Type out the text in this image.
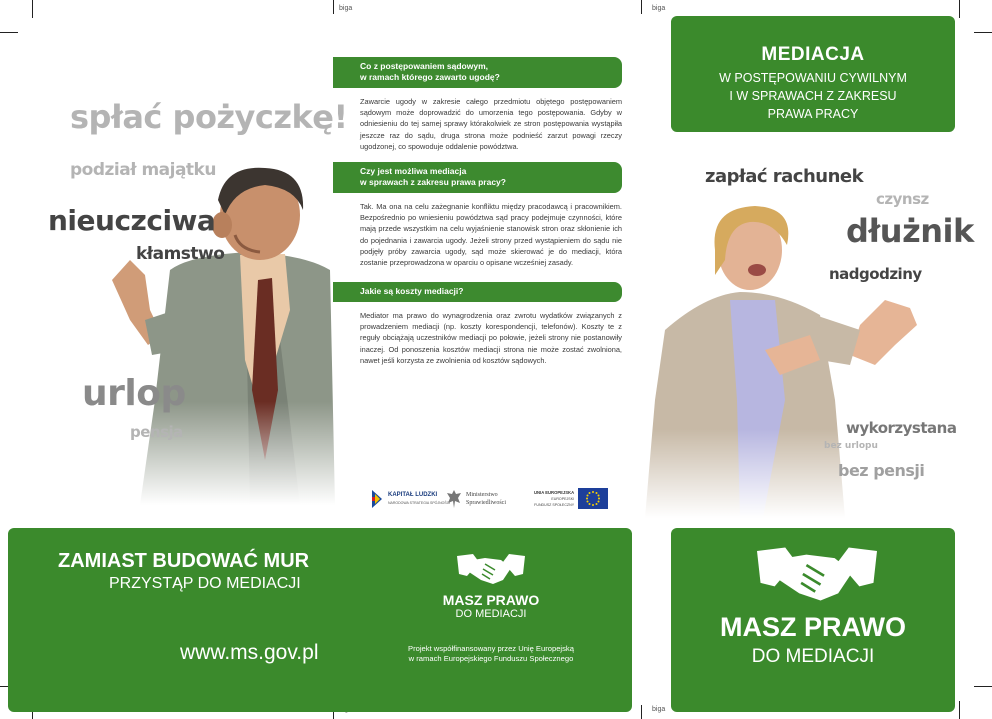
biga	biga
biga
spłać pożyczkę!
podział majątku
nieuczciwa
kłamstwo
urlop
pensja
Co z postępowaniem sądowym,
w ramach którego zawarto ugodę?

Zawarcie ugody w zakresie całego przedmiotu objętego postępowaniem sądowym może doprowadzić do umorzenia tego postępowania. Gdyby w odniesieniu do tej samej sprawy którakolwiek ze stron postępowania wystąpiła jeszcze raz do sądu, druga strona może podnieść zarzut powagi rzeczy ugodzonej, co spowoduje oddalenie powództwa.

Czy jest możliwa mediacja
w sprawach z zakresu prawa pracy?

Tak. Ma ona na celu zażegnanie konfliktu między pracodawcą i pracownikiem. Bezpośrednio po wniesieniu powództwa sąd pracy podejmuje czynności, które mają przede wszystkim na celu wyjaśnienie stanowisk stron oraz skłonienie ich do pojednania i zawarcia ugody. Jeżeli strony przed wystąpieniem do sądu nie podjęły próby zawarcia ugody, sąd może skierować je do mediacji, która zostanie przeprowadzona w oparciu o opisane wcześniej zasady.

Jakie są koszty mediacji?

Mediator ma prawo do wynagrodzenia oraz zwrotu wydatków związanych z prowadzeniem mediacji (np. koszty korespondencji, telefonów). Koszty te z reguły obciążają uczestników mediacji po połowie, jeżeli strony nie postanowiły inaczej. Od ponoszenia kosztów mediacji strona nie może zostać zwolniona, nawet jeśli korzysta ze zwolnienia od kosztów sądowych.

KAPITAŁ LUDZKI
NARODOWA STRATEGIA SPÓJNOŚCI
Ministerstwo
Sprawiedliwości
UNIA EUROPEJSKA
EUROPEJSKI
FUNDUSZ SPOŁECZNY
MEDIACJA
W POSTĘPOWANIU CYWILNYM
I W SPRAWACH Z ZAKRESU
PRAWA PRACY
zapłać rachunek
czynsz
dłużnik
nadgodziny
wykorzystana
bez urlopu
bez pensji
ZAMIAST BUDOWAĆ MUR
PRZYSTĄP DO MEDIACJI
www.ms.gov.pl
MASZ PRAWO
DO MEDIACJI
Projekt współfinansowany przez Unię Europejską
w ramach Europejskiego Funduszu Społecznego
MASZ PRAWO
DO MEDIACJI
